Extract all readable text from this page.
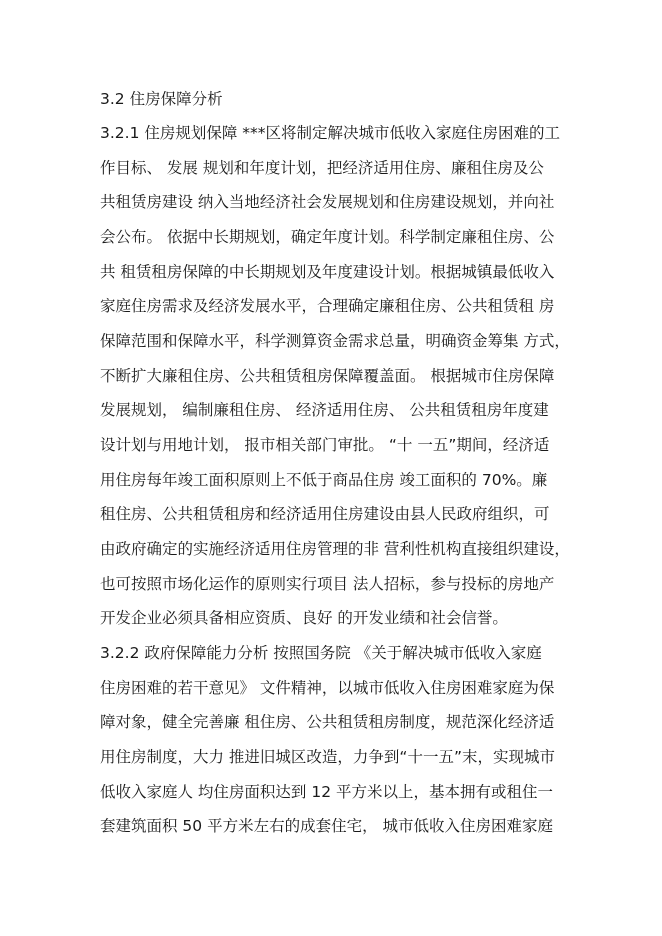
3.2 住房保障分析
3.2.1 住房规划保障 ***区将制定解决城市低收入家庭住房困难的工
作目标、 发展 规划和年度计划，把经济适用住房、廉租住房及公
共租赁房建设 纳入当地经济社会发展规划和住房建设规划，并向社
会公布。 依据中长期规划，确定年度计划。科学制定廉租住房、公
共 租赁租房保障的中长期规划及年度建设计划。根据城镇最低收入
家庭住房需求及经济发展水平，合理确定廉租住房、公共租赁租 房
保障范围和保障水平，科学测算资金需求总量，明确资金筹集 方式，
不断扩大廉租住房、公共租赁租房保障覆盖面。 根据城市住房保障
发展规划， 编制廉租住房、 经济适用住房、 公共租赁租房年度建
设计划与用地计划， 报市相关部门审批。 “十 一五”期间，经济适
用住房每年竣工面积原则上不低于商品住房 竣工面积的 70%。廉
租住房、公共租赁租房和经济适用住房建设由县人民政府组织，可
由政府确定的实施经济适用住房管理的非 营利性机构直接组织建设，
也可按照市场化运作的原则实行项目 法人招标，参与投标的房地产
开发企业必须具备相应资质、良好 的开发业绩和社会信誉。
3.2.2 政府保障能力分析 按照国务院 《关于解决城市低收入家庭
住房困难的若干意见》 文件精神，以城市低收入住房困难家庭为保
障对象，健全完善廉 租住房、公共租赁租房制度，规范深化经济适
用住房制度，大力 推进旧城区改造，力争到“十一五”末，实现城市
低收入家庭人 均住房面积达到 12 平方米以上，基本拥有或租住一
套建筑面积 50 平方米左右的成套住宅， 城市低收入住房困难家庭
